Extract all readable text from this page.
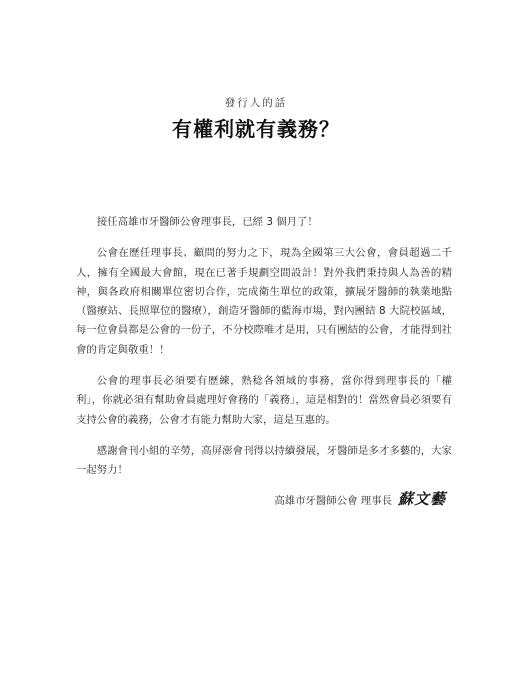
發行人的話
有權利就有義務？

接任高雄市牙醫師公會理事長，已經 3 個月了！

公會在歷任理事長、顧問的努力之下，現為全國第三大公會，會員超過二千人，擁有全國最大會館，現在已著手規劃空間設計！對外我們秉持與人為善的精神，與各政府相關單位密切合作，完成衛生單位的政策，擴展牙醫師的執業地點（醫療站、長照單位的醫療），創造牙醫師的藍海市場，對內團結 8 大院校區域，每一位會員都是公會的一份子，不分校際唯才是用，只有團結的公會，才能得到社會的肯定與敬重！！

公會的理事長必須要有歷練，熟稔各領域的事務，當你得到理事長的「權利」，你就必須有幫助會員處理好會務的「義務」，這是相對的！當然會員必須要有支持公會的義務，公會才有能力幫助大家，這是互惠的。

感謝會刊小組的辛勞，高屏澎會刊得以持續發展，牙醫師是多才多藝的，大家一起努力！

高雄市牙醫師公會 理事長 蘇文藝
